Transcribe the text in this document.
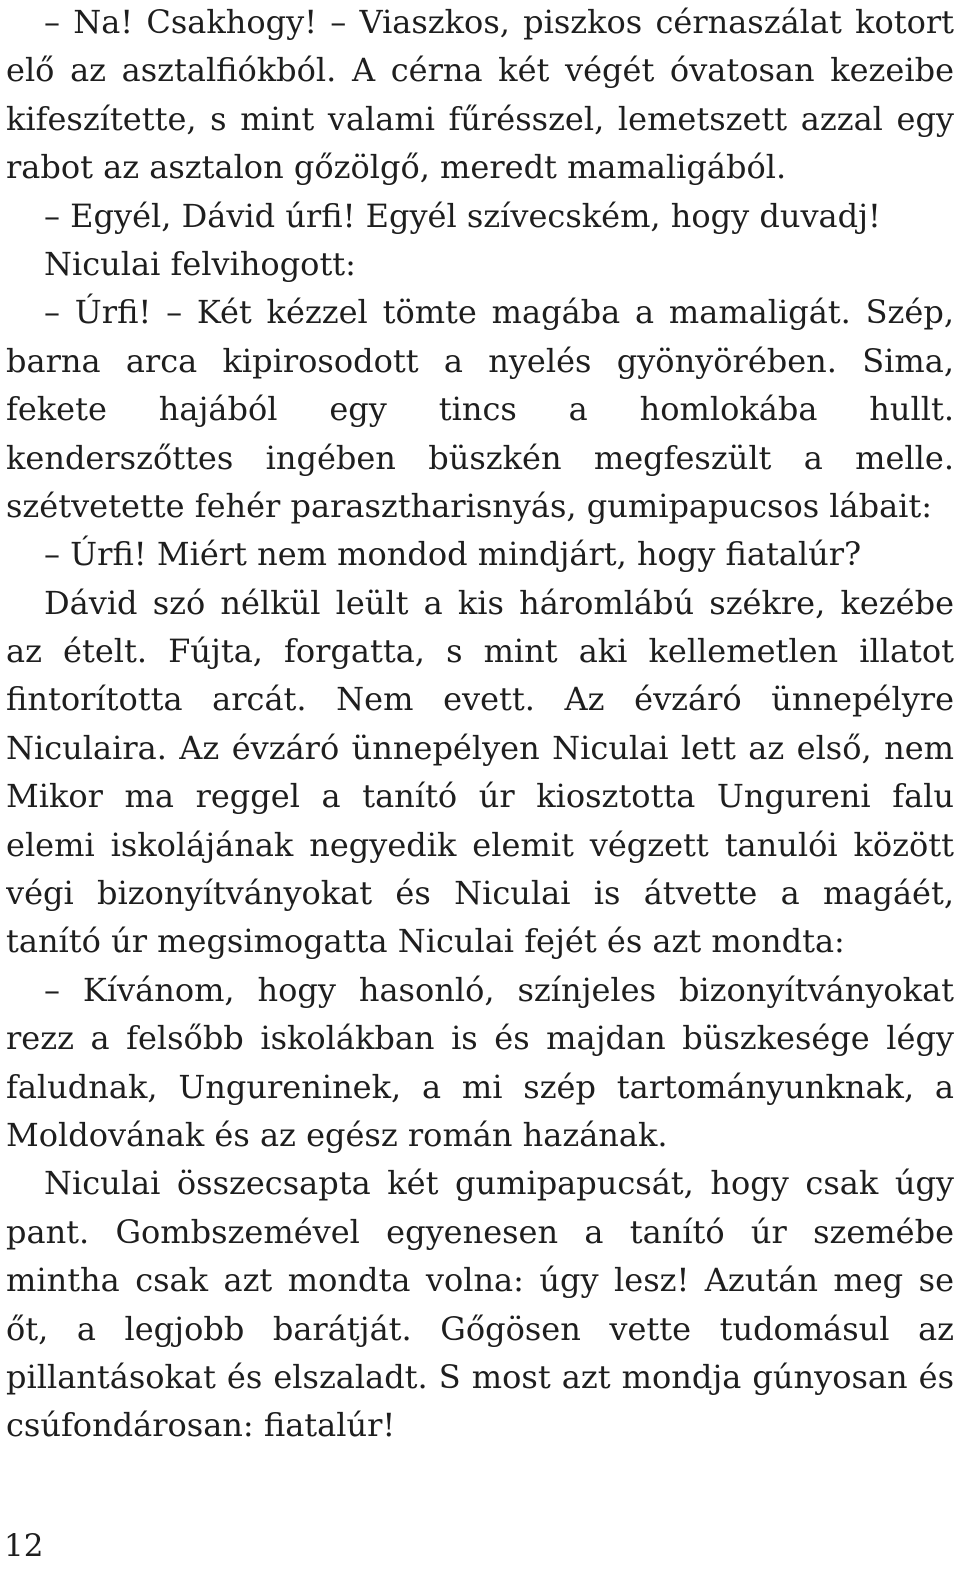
– Na! Csakhogy! – Viaszkos, piszkos cérnaszálat kotort
elő az asztalfiókból. A cérna két végét óvatosan kezeibe
kifeszítette, s mint valami fűrésszel, lemetszett azzal egy
rabot az asztalon gőzölgő, meredt mamaligából.
– Egyél, Dávid úrfi! Egyél szívecském, hogy duvadj!
Niculai felvihogott:
– Úrfi! – Két kézzel tömte magába a mamaligát. Szép,
barna arca kipirosodott a nyelés gyönyörében. Sima,
fekete hajából egy tincs a homlokába hullt.
kenderszőttes ingében büszkén megfeszült a melle.
szétvetette fehér parasztharisnyás, gumipapucsos lábait:
– Úrfi! Miért nem mondod mindjárt, hogy fiatalúr?
Dávid szó nélkül leült a kis háromlábú székre, kezébe
az ételt. Fújta, forgatta, s mint aki kellemetlen illatot
fintorította arcát. Nem evett. Az évzáró ünnepélyre
Niculaira. Az évzáró ünnepélyen Niculai lett az első, nem
Mikor ma reggel a tanító úr kiosztotta Ungureni falu
elemi iskolájának negyedik elemit végzett tanulói között
végi bizonyítványokat és Niculai is átvette a magáét,
tanító úr megsimogatta Niculai fejét és azt mondta:
– Kívánom, hogy hasonló, színjeles bizonyítványokat
rezz a felsőbb iskolákban is és majdan büszkesége légy
faludnak, Ungureninek, a mi szép tartományunknak, a
Moldovának és az egész román hazának.
Niculai összecsapta két gumipapucsát, hogy csak úgy
pant. Gombszemével egyenesen a tanító úr szemébe
mintha csak azt mondta volna: úgy lesz! Azután meg se
őt, a legjobb barátját. Gőgösen vette tudomásul az
pillantásokat és elszaladt. S most azt mondja gúnyosan és
csúfondárosan: fiatalúr!
12
